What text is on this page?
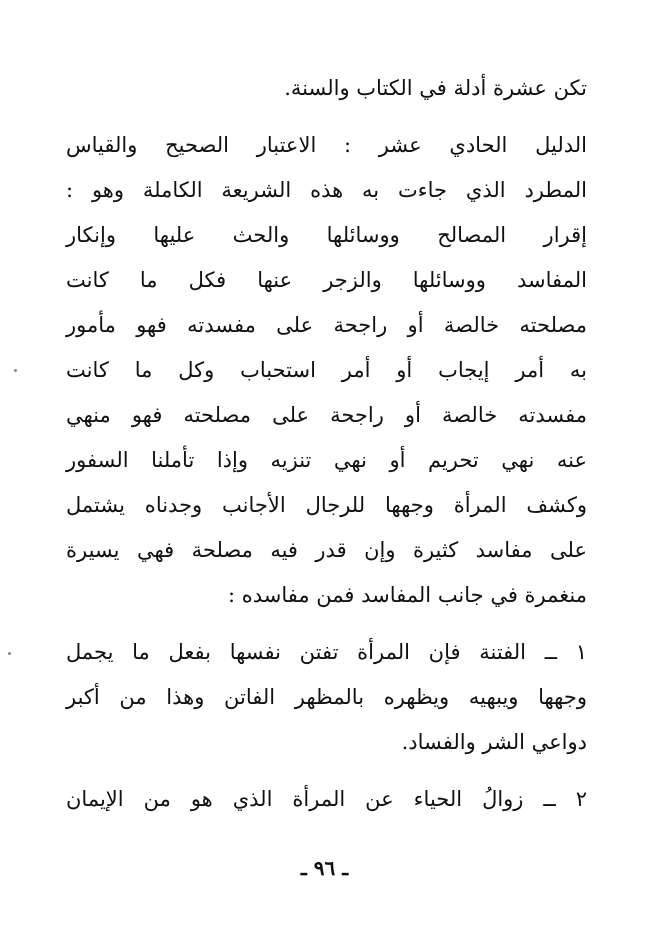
تكن عشرة أدلة في الكتاب والسنة.

الدليل الحادي عشر : الاعتبار الصحيح والقياس
المطرد الذي جاءت به هذه الشريعة الكاملة وهو :
إقرار المصالح ووسائلها والحث عليها وإنكار
المفاسد ووسائلها والزجر عنها فكل ما كانت
مصلحته خالصة أو راجحة على مفسدته فهو مأمور
به أمر إيجاب أو أمر استحباب وكل ما كانت
مفسدته خالصة أو راجحة على مصلحته فهو منهي
عنه نهي تحريم أو نهي تنزيه وإذا تأملنا السفور
وكشف المرأة وجهها للرجال الأجانب وجدناه يشتمل
على مفاسد كثيرة وإن قدر فيه مصلحة فهي يسيرة
منغمرة في جانب المفاسد فمن مفاسده :

١ ــ الفتنة فإن المرأة تفتن نفسها بفعل ما يجمل
وجهها ويبهيه ويظهره بالمظهر الفاتن وهذا من أكبر
دواعي الشر والفساد.

٢ ــ زوالُ الحياء عن المرأة الذي هو من الإيمان

ـ ٩٦ ـ
